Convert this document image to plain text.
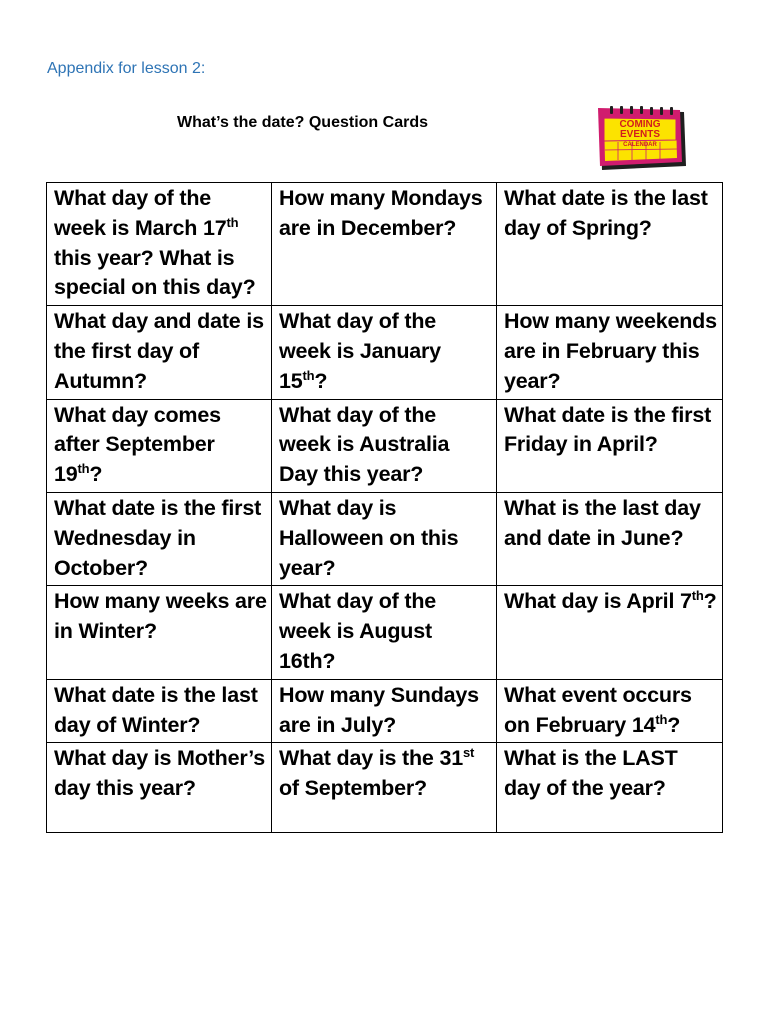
Appendix for lesson 2:
What’s the date? Question Cards	COMING
EVENTS
CALENDAR
What day of the week is March 17th this year? What is special on this day?	How many Mondays are in December?	What date is the last day of Spring?
What day and date is the first day of Autumn?	What day of the week is January 15th?	How many weekends are in February this year?
What day comes after September 19th?	What day of the week is Australia Day this year?	What date is the first Friday in April?
What date is the first Wednesday in October?	What day is Halloween on this year?	What is the last day and date in June?
How many weeks are in Winter?	What day of the week is August 16th?	What day is April 7th?
What date is the last day of Winter?	How many Sundays are in July?	What event occurs on February 14th?
What day is Mother’s day this year?	What day is the 31st of September?	What is the LAST day of the year?
